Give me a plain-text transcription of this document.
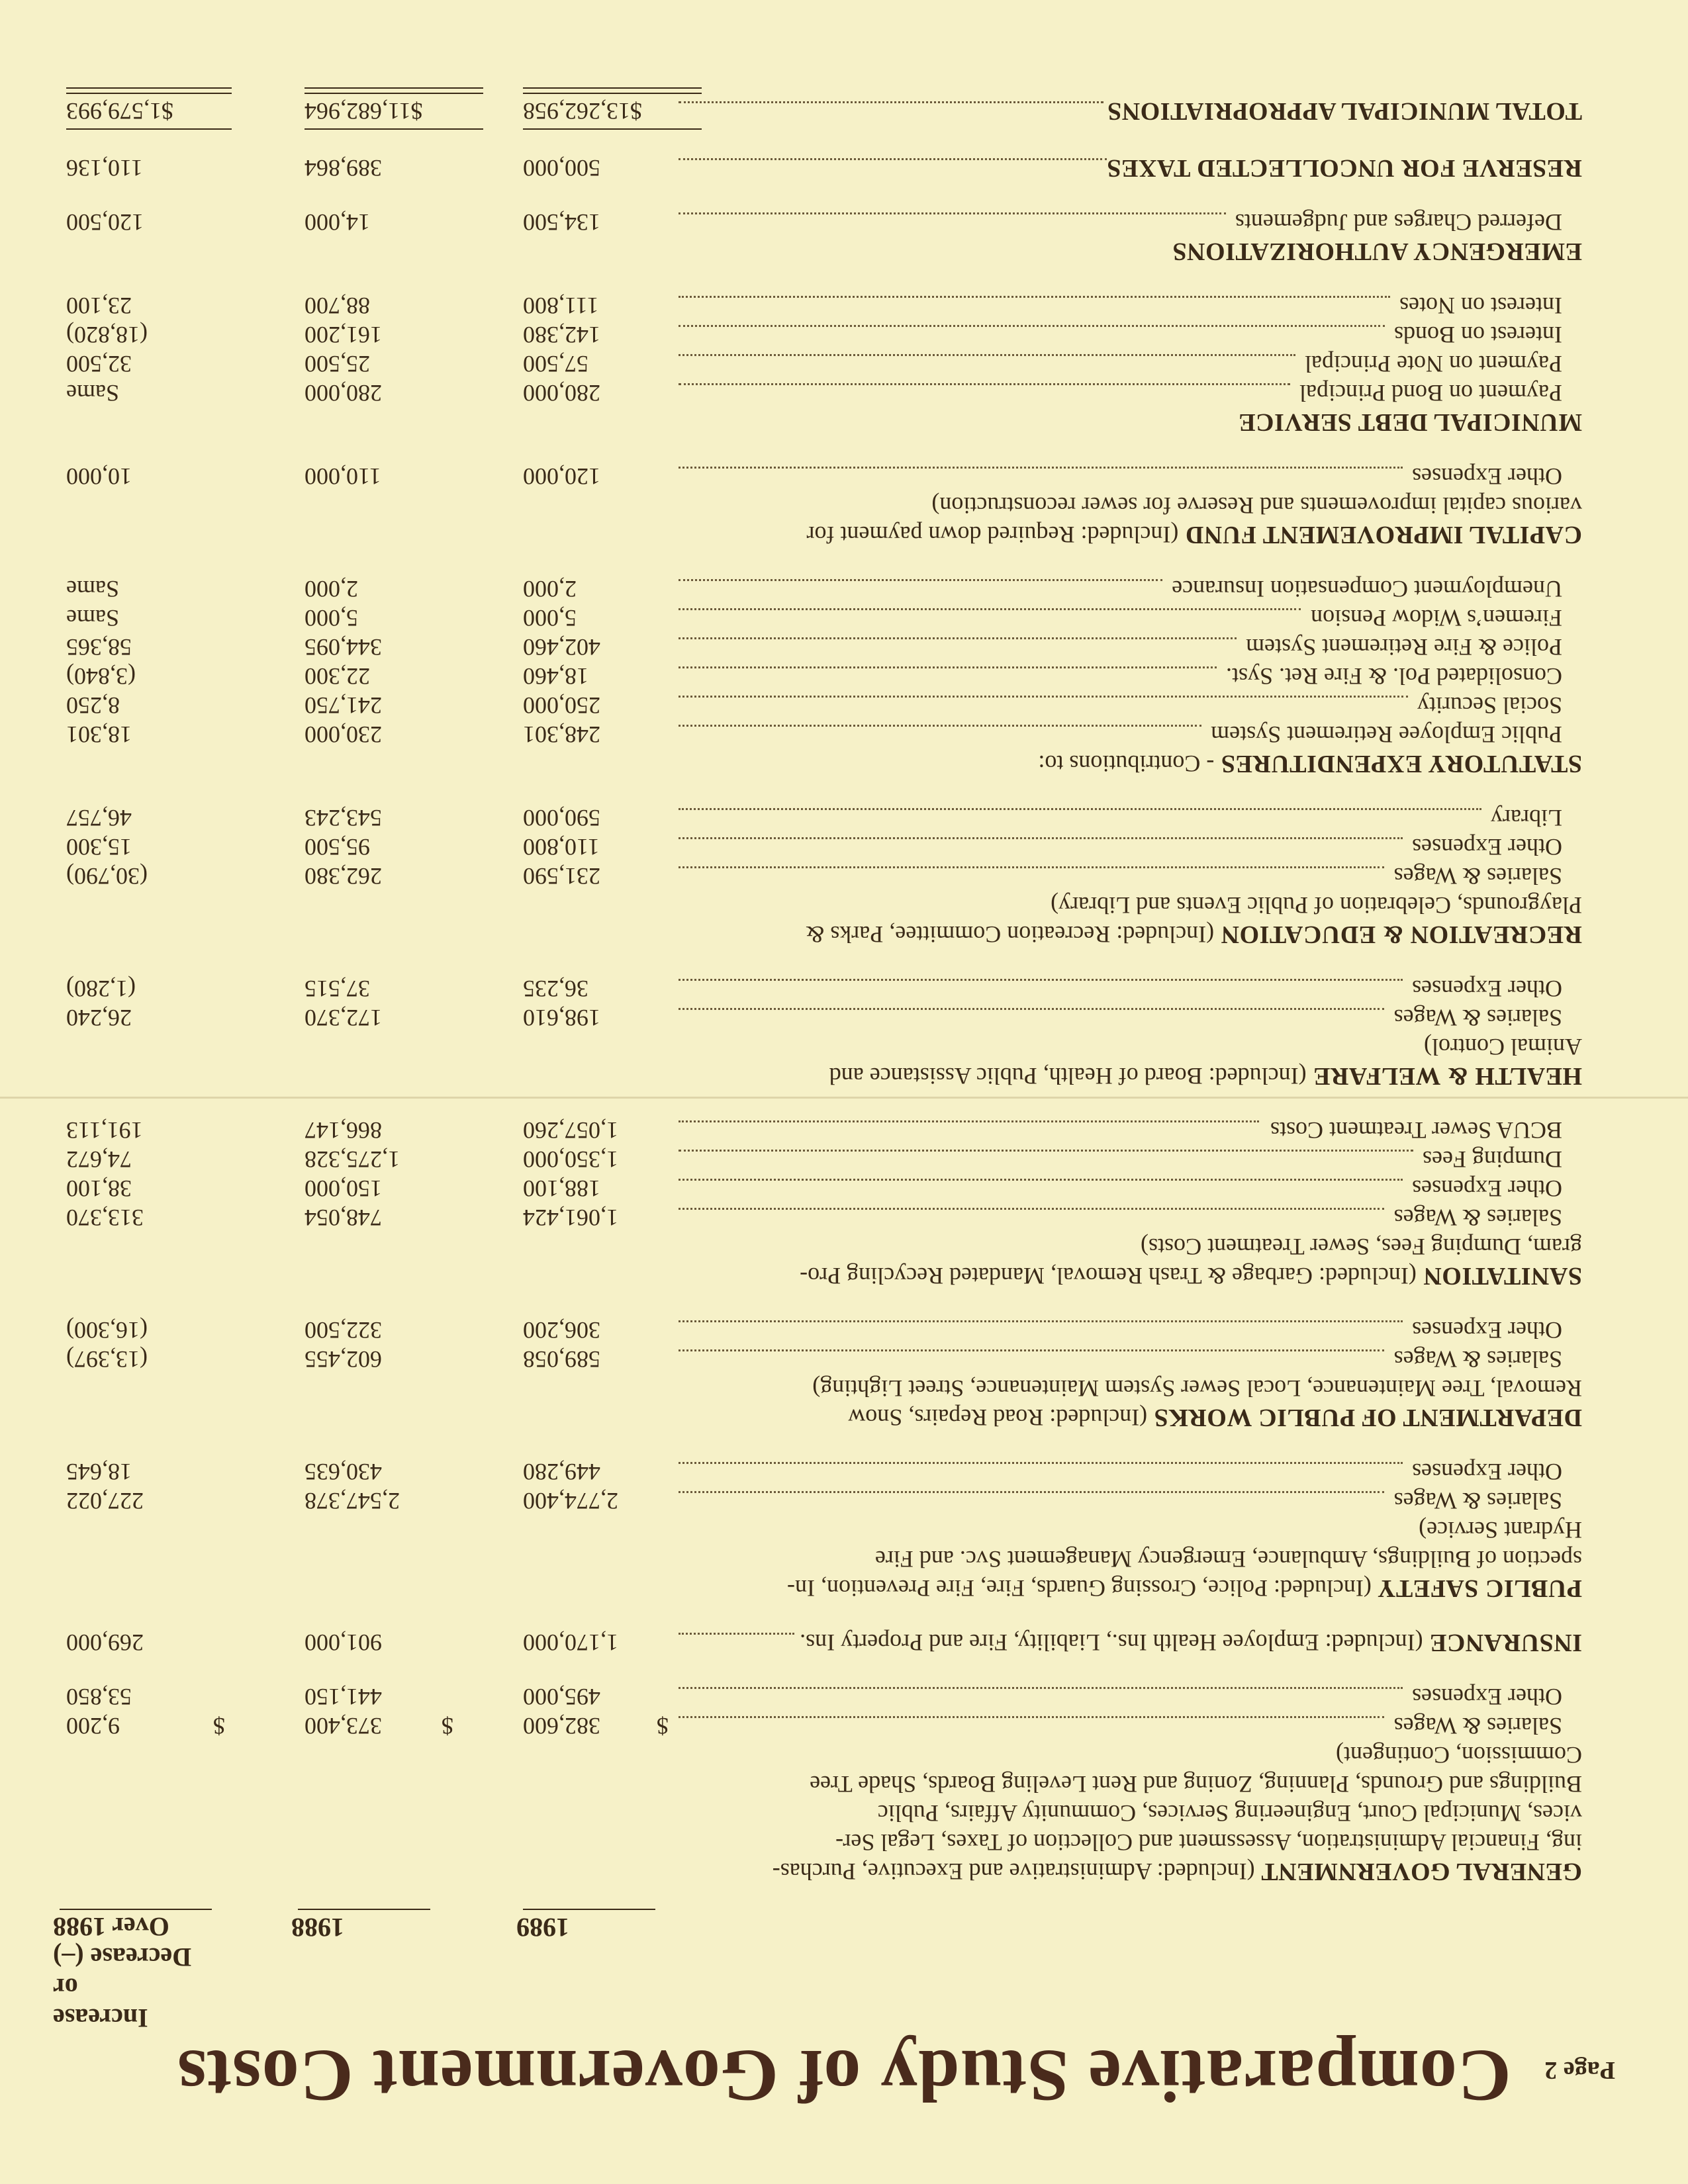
Page 2
Comparative Study of Government Costs
1989
1988
Increase
or
Decrease (–)
Over 1988
GENERAL GOVERNMENT (Included: Administrative and Executive, Purchas-
ing, Financial Administration, Assessment and Collection of Taxes, Legal Ser-
vices, Municipal Court, Engineering Services, Community Affairs, Public
Buildings and Grounds, Planning, Zoning and Rent Leveling Boards, Shade Tree
Commission, Contingent)
Salaries & Wages
$
$
$	382,600
373,400
9,200
Other Expenses
495,000
441,150
53,850
INSURANCE (Included: Employee Health Ins., Liability, Fire and Property Ins.
1,170,000
901,000
269,000
PUBLIC SAFETY (Included: Police, Crossing Guards, Fire, Fire Prevention, In-
spection of Buildings, Ambulance, Emergency Management Svc. and Fire
Hydrant Service)
Salaries & Wages
2,774,400
2,547,378
227,022
Other Expenses
449,280
430,635
18,645
DEPARTMENT OF PUBLIC WORKS (Included: Road Repairs, Snow
Removal, Tree Maintenance, Local Sewer System Maintenance, Street Lighting)
Salaries & Wages
589,058
602,455
(13,397)
Other Expenses
306,200
322,500
(16,300)
SANITATION (Included: Garbage & Trash Removal, Mandated Recycling Pro-
gram, Dumping Fees, Sewer Treatment Costs)
Salaries & Wages
1,061,424
748,054
313,370
Other Expenses
188,100
150,000
38,100
Dumping Fees
1,350,000
1,275,328
74,672
BCUA Sewer Treatment Costs
1,057,260
866,147
191,113
HEALTH & WELFARE (Included: Board of Health, Public Assistance and
Animal Control)
Salaries & Wages
198,610
172,370
26,240
Other Expenses
36,235
37,515
(1,280)
RECREATION & EDUCATION (Included: Recreation Committee, Parks &
Playgrounds, Celebration of Public Events and Library)
Salaries & Wages
231,590
262,380
(30,790)
Other Expenses
110,800
95,500
15,300
Library
590,000
543,243
46,757
STATUTORY EXPENDITURES - Contributions to:
Public Employee Retirement System
248,301
230,000
18,301
Social Security
250,000
241,750
8,250
Consolidated Pol. & Fire Ret. Syst.
18,460
22,300
(3,840)
Police & Fire Retirement System
402,460
344,095
58,365
Firemen’s Widow Pension
5,000
5,000
Same
Unemployment Compensation Insurance
2,000
2,000
Same
CAPITAL IMPROVEMENT FUND (Included: Required down payment for
various capital improvements and Reserve for sewer reconstruction)
Other Expenses
120,000
110,000
10,000
MUNICIPAL DEBT SERVICE
Payment on Bond Principal
280,000
280,000
Same
Payment on Note Principal
57,500
25,500
32,500
Interest on Bonds
142,380
161,200
(18,820)
Interest on Notes
111,800
88,700
23,100
EMERGENCY AUTHORIZATIONS
Deferred Charges and Judgements
134,500
14,000
120,500
RESERVE FOR UNCOLLECTED TAXES
500,000
389,864
110,136
TOTAL MUNICIPAL APPROPRIATIONS
$13,262,958
$11,682,964
$1,579,993
